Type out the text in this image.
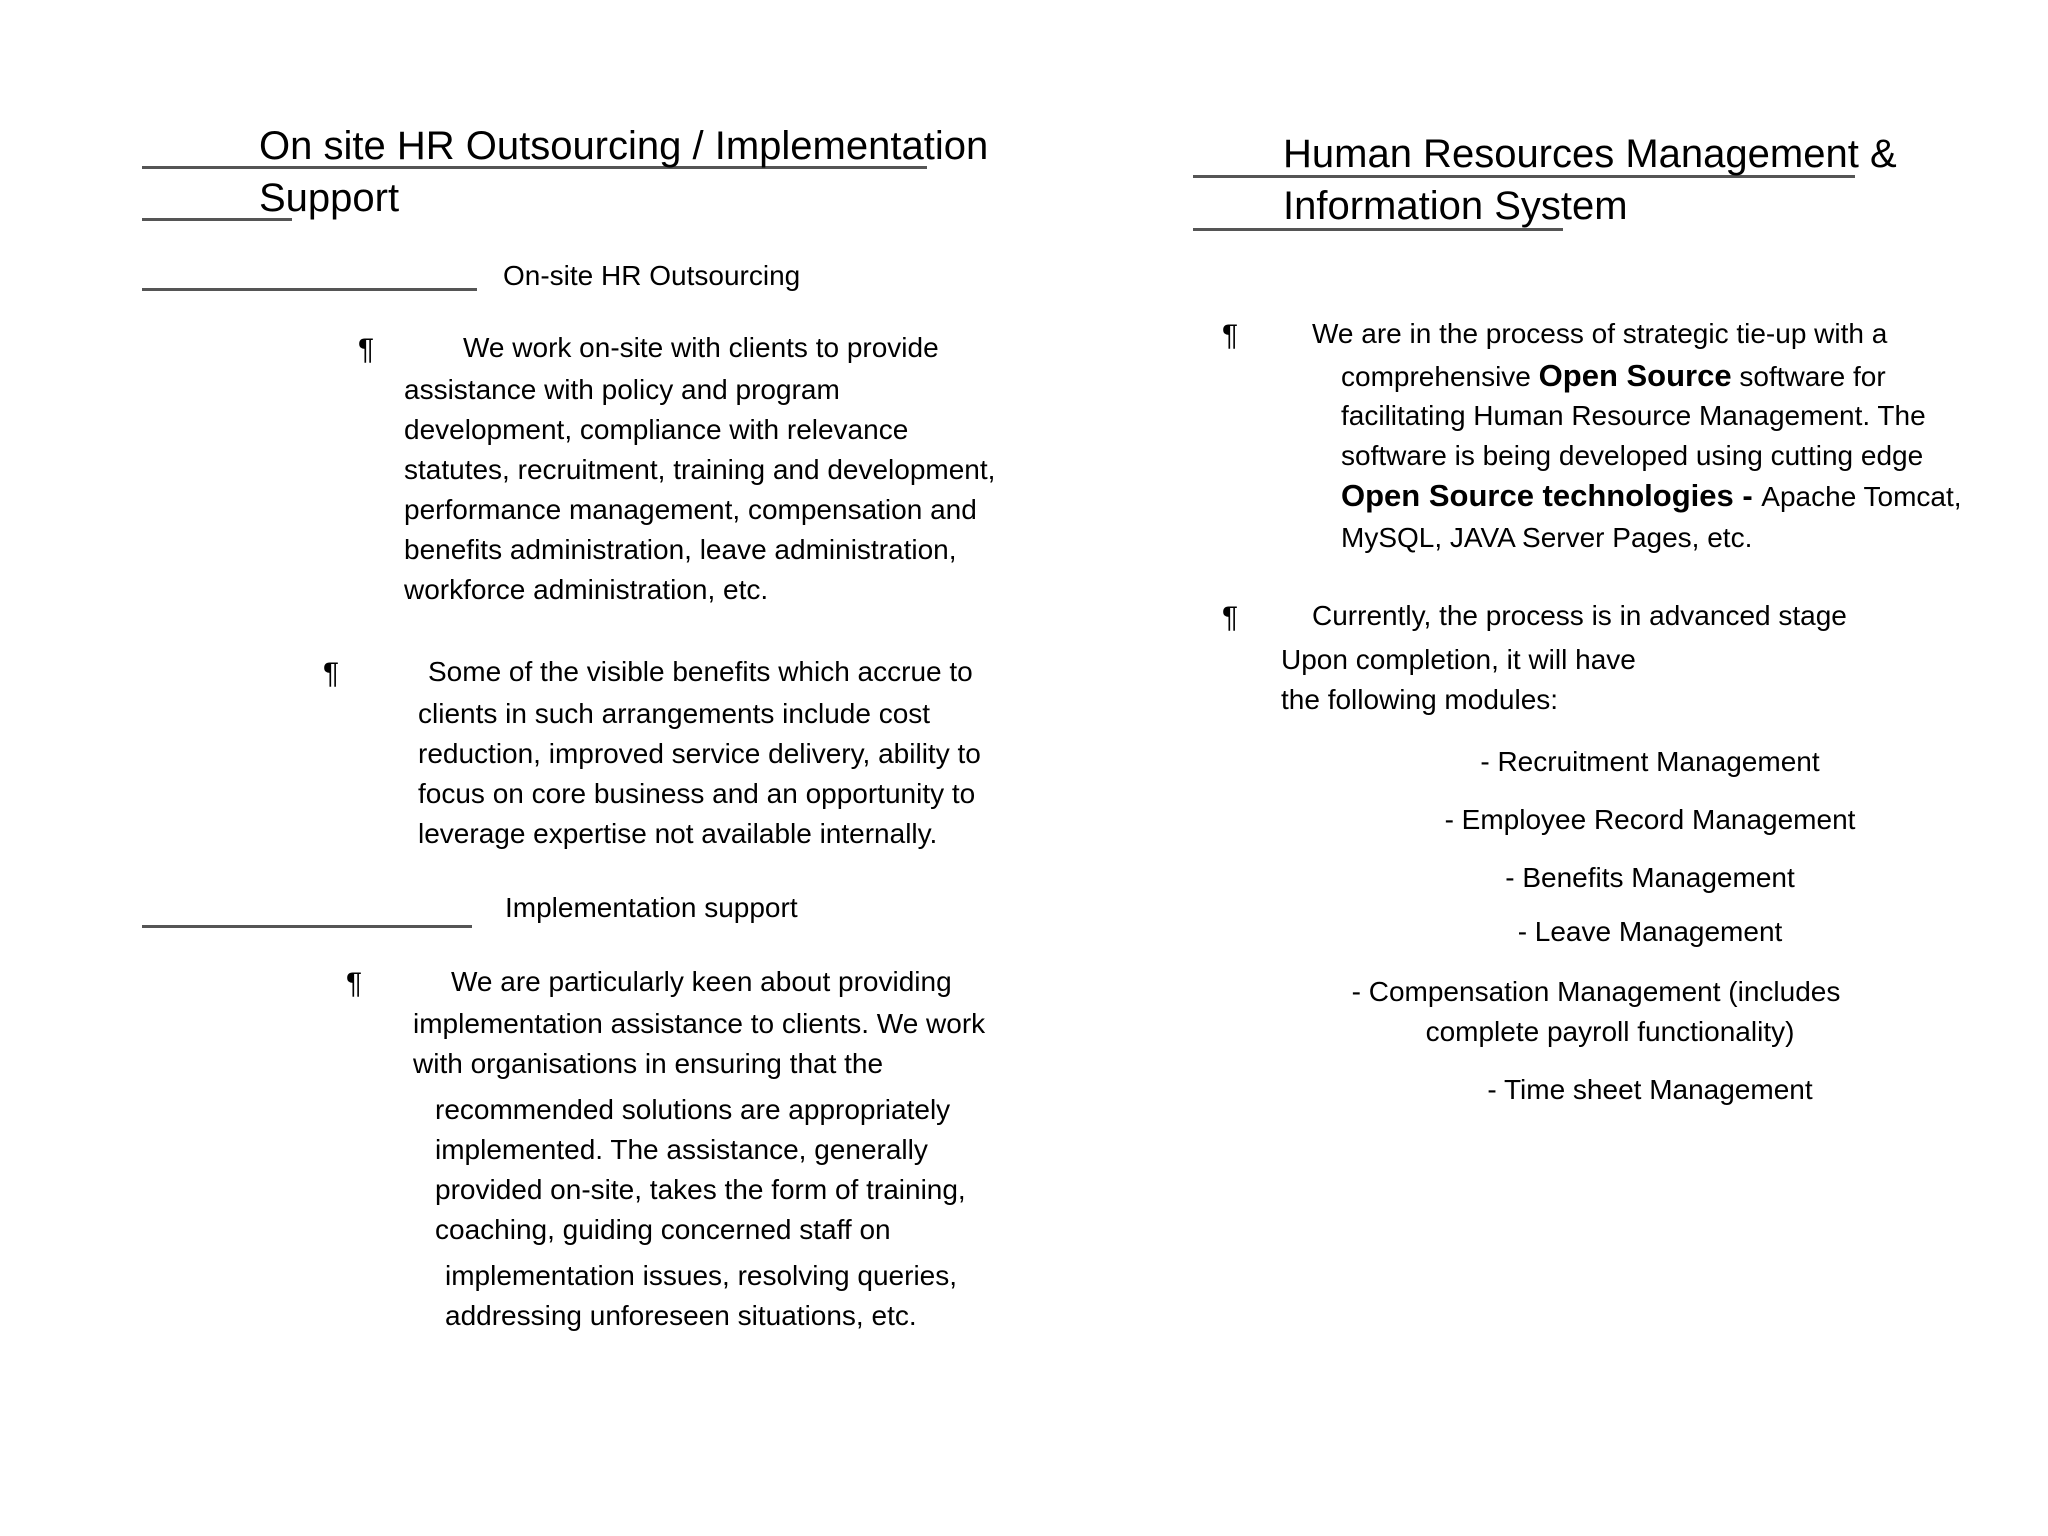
On site HR Outsourcing / Implementation
Support
On-site HR Outsourcing
¶	We work on-site with clients to provide
assistance with policy and program
development, compliance with relevance
statutes, recruitment, training and development,
performance management, compensation and
benefits administration, leave administration,
workforce administration, etc.
¶	Some of the visible benefits which accrue to
clients in such arrangements include cost
reduction, improved service delivery, ability to
focus on core business and an opportunity to
leverage expertise not available internally.
Implementation support
¶	We are particularly keen about providing
implementation assistance to clients. We work
with organisations in ensuring that the
recommended solutions are appropriately
implemented. The assistance, generally
provided on-site, takes the form of training,
coaching, guiding concerned staff on
implementation issues, resolving queries,
addressing unforeseen situations, etc.
Human Resources Management &
Information System
¶	We are in the process of strategic tie-up with a
comprehensive Open Source software for
facilitating Human Resource Management. The
software is being developed using cutting edge
Open Source technologies - Apache Tomcat,
MySQL, JAVA Server Pages, etc.
¶	Currently, the process is in advanced stage
Upon completion, it will have
the following modules:
- Recruitment Management
- Employee Record Management
- Benefits Management
- Leave Management
- Compensation Management (includes
complete payroll functionality)
- Time sheet Management
